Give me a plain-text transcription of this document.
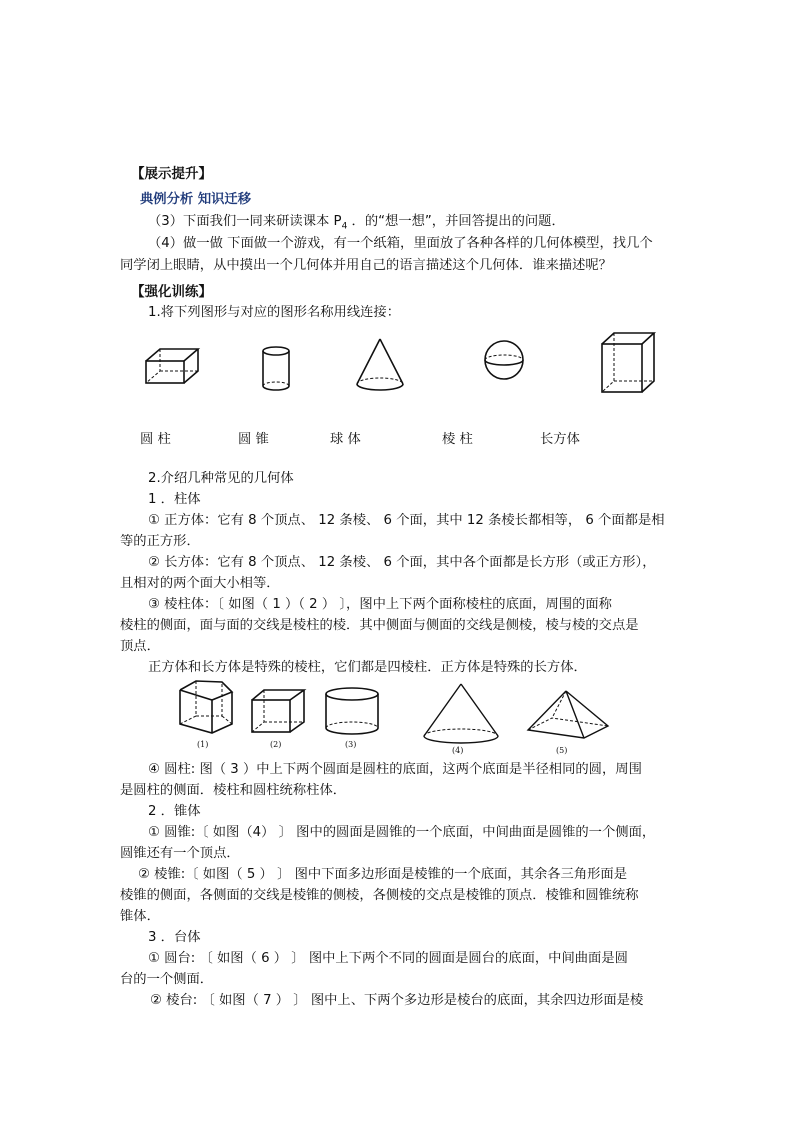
【展示提升】
典例分析 知识迁移
（3）下面我们一同来研读课本 $P_4$ ．的“想一想”，并回答提出的问题．
（4）做一做 下面做一个游戏，有一个纸箱，里面放了各种各样的几何体模型，找几个
同学闭上眼睛，从中摸出一个几何体并用自己的语言描述这个几何体．谁来描述呢？
【强化训练】
1.将下列图形与对应的图形名称用线连接：
圆 柱	圆 锥	球 体	棱 柱	长方体
2.介绍几种常见的几何体
1 ．柱体
① 正方体：它有 8 个顶点、 12 条棱、 6 个面，其中 12 条棱长都相等， 6 个面都是相
等的正方形．
② 长方体：它有 8 个顶点、 12 条棱、 6 个面，其中各个面都是长方形（或正方形），
且相对的两个面大小相等．
③ 棱柱体：〔 如图（ 1 ）（ 2 ） 〕，图中上下两个面称棱柱的底面，周围的面称
棱柱的侧面，面与面的交线是棱柱的棱．其中侧面与侧面的交线是侧棱，棱与棱的交点是
顶点．
正方体和长方体是特殊的棱柱，它们都是四棱柱．正方体是特殊的长方体．
(1)	(2)	(3)
(4)	(5)
④ 圆柱: 图（ 3 ）中上下两个圆面是圆柱的底面，这两个底面是半径相同的圆，周围
是圆柱的侧面．棱柱和圆柱统称柱体．
2 ．锥体
① 圆锥:〔 如图（4） 〕 图中的圆面是圆锥的一个底面，中间曲面是圆锥的一个侧面，
圆锥还有一个顶点．
② 棱锥:〔 如图（ 5 ） 〕 图中下面多边形面是棱锥的一个底面，其余各三角形面是
棱锥的侧面，各侧面的交线是棱锥的侧棱，各侧棱的交点是棱锥的顶点．棱锥和圆锥统称
锥体．
3 ．台体
① 圆台: 〔 如图（ 6 ） 〕 图中上下两个不同的圆面是圆台的底面，中间曲面是圆
台的一个侧面．
② 棱台: 〔 如图（ 7 ） 〕 图中上、下两个多边形是棱台的底面，其余四边形面是棱
